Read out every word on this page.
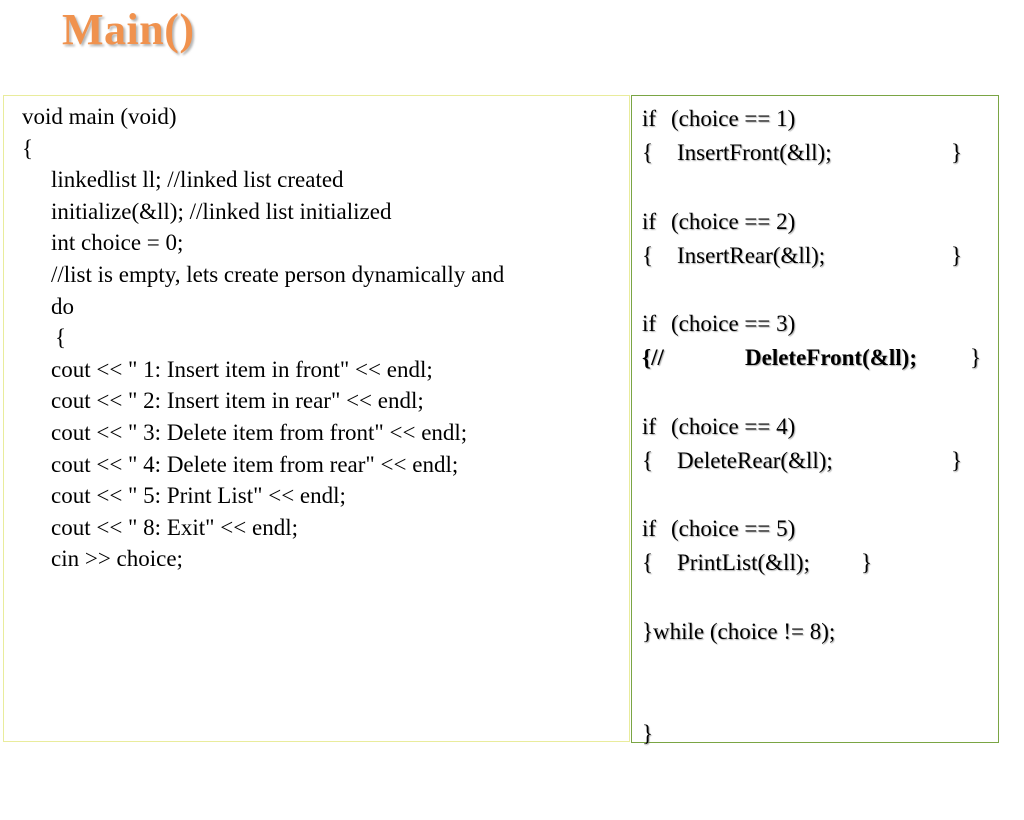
Main()
void main (void)
{
linkedlist ll; //linked list created
initialize(&ll); //linked list initialized
int choice = 0;
//list is empty, lets create person dynamically and
do
{
cout << " 1: Insert item in front" << endl;
cout << " 2: Insert item in rear" << endl;
cout << " 3: Delete item from front" << endl;
cout << " 4: Delete item from rear" << endl;
cout << " 5: Print List" << endl;
cout << " 8: Exit" << endl;
cin >> choice;

if

(choice == 1)

{

InsertFront(&ll);

	}

if

(choice == 2)

{

InsertRear(&ll);

	}

if

(choice == 3)

{//

	DeleteFront(&ll);

}

if

(choice == 4)

{

DeleteRear(&ll);

	}

if

(choice == 5)

{

PrintList(&ll);

}

}while (choice != 8);

}
